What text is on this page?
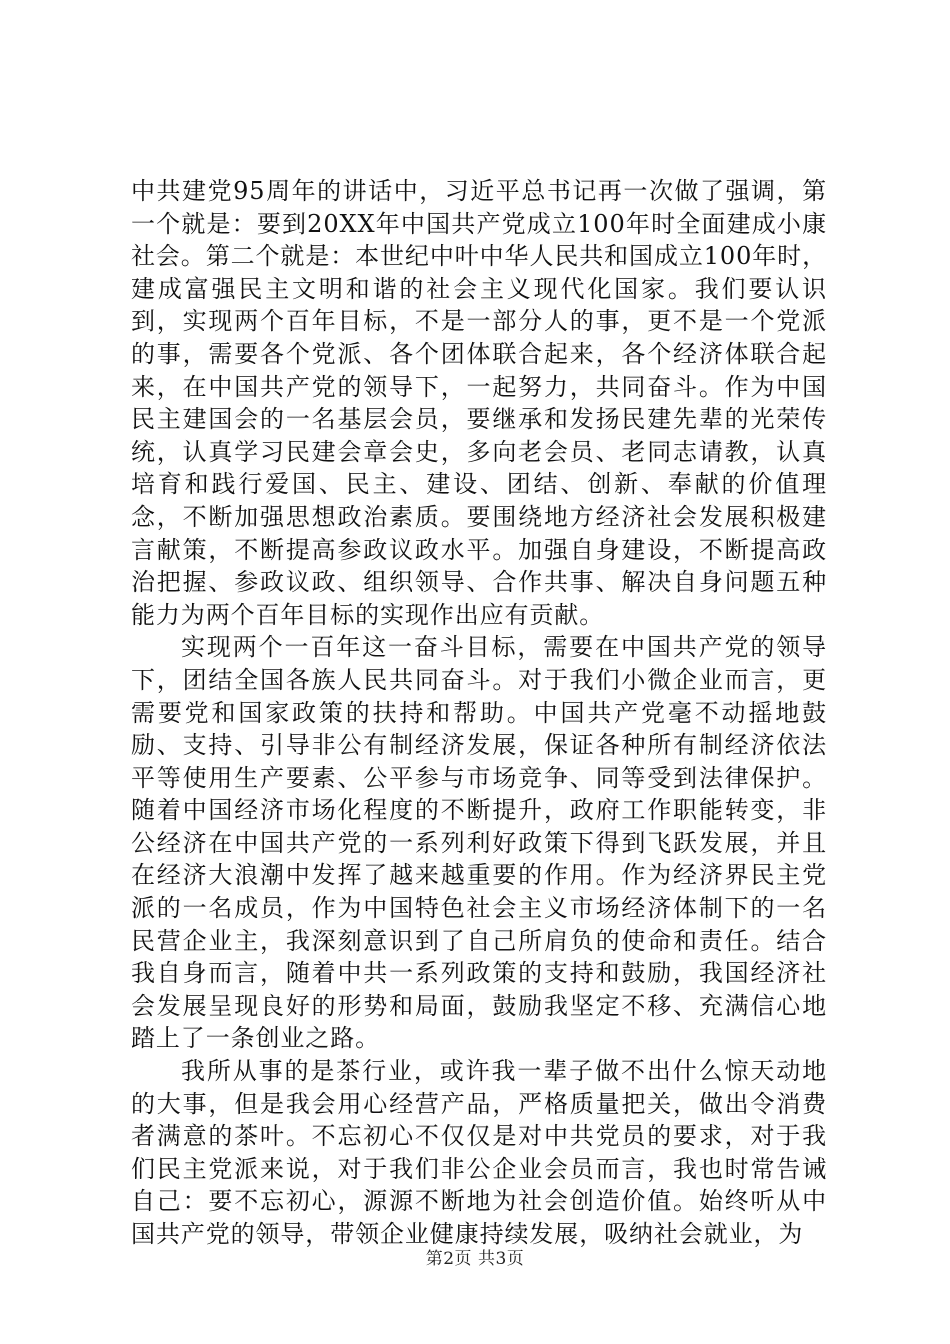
中共建党95周年的讲话中，习近平总书记再一次做了强调，第一个就是：要到20XX年中国共产党成立100年时全面建成小康社会。第二个就是：本世纪中叶中华人民共和国成立100年时，建成富强民主文明和谐的社会主义现代化国家。我们要认识到，实现两个百年目标，不是一部分人的事，更不是一个党派的事，需要各个党派、各个团体联合起来，各个经济体联合起来，在中国共产党的领导下，一起努力，共同奋斗。作为中国民主建国会的一名基层会员，要继承和发扬民建先辈的光荣传统，认真学习民建会章会史，多向老会员、老同志请教，认真培育和践行爱国、民主、建设、团结、创新、奉献的价值理念，不断加强思想政治素质。要围绕地方经济社会发展积极建言献策，不断提高参政议政水平。加强自身建设，不断提高政治把握、参政议政、组织领导、合作共事、解决自身问题五种能力为两个百年目标的实现作出应有贡献。

实现两个一百年这一奋斗目标，需要在中国共产党的领导下，团结全国各族人民共同奋斗。对于我们小微企业而言，更需要党和国家政策的扶持和帮助。中国共产党毫不动摇地鼓励、支持、引导非公有制经济发展，保证各种所有制经济依法平等使用生产要素、公平参与市场竞争、同等受到法律保护。随着中国经济市场化程度的不断提升，政府工作职能转变，非公经济在中国共产党的一系列利好政策下得到飞跃发展，并且在经济大浪潮中发挥了越来越重要的作用。作为经济界民主党派的一名成员，作为中国特色社会主义市场经济体制下的一名民营企业主，我深刻意识到了自己所肩负的使命和责任。结合我自身而言，随着中共一系列政策的支持和鼓励，我国经济社会发展呈现良好的形势和局面，鼓励我坚定不移、充满信心地踏上了一条创业之路。

我所从事的是茶行业，或许我一辈子做不出什么惊天动地的大事，但是我会用心经营产品，严格质量把关，做出令消费者满意的茶叶。不忘初心不仅仅是对中共党员的要求，对于我们民主党派来说，对于我们非公企业会员而言，我也时常告诫自己：要不忘初心，源源不断地为社会创造价值。始终听从中国共产党的领导，带领企业健康持续发展，吸纳社会就业，为

第2页 共3页
